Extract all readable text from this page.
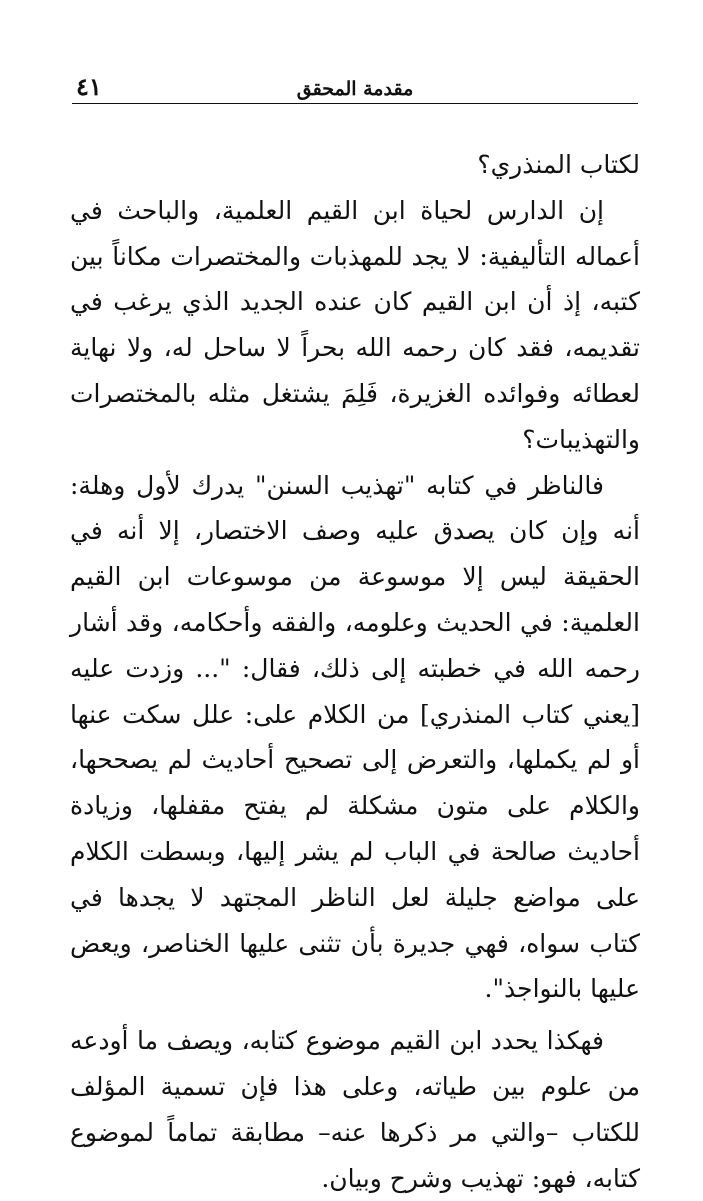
مقدمة المحقق
٤١

لكتاب المنذري؟

إن الدارس لحياة ابن القيم العلمية، والباحث في أعماله التأليفية: لا يجد للمهذبات والمختصرات مكاناً بين كتبه، إذ أن ابن القيم كان عنده الجديد الذي يرغب في تقديمه، فقد كان رحمه الله بحراً لا ساحل له، ولا نهاية لعطائه وفوائده الغزيرة، فَلِمَ يشتغل مثله بالمختصرات والتهذيبات؟

فالناظر في كتابه "تهذيب السنن" يدرك لأول وهلة: أنه وإن كان يصدق عليه وصف الاختصار، إلا أنه في الحقيقة ليس إلا موسوعة من موسوعات ابن القيم العلمية: في الحديث وعلومه، والفقه وأحكامه، وقد أشار رحمه الله في خطبته إلى ذلك، فقال: "... وزدت عليه [يعني كتاب المنذري] من الكلام على: علل سكت عنها أو لم يكملها، والتعرض إلى تصحيح أحاديث لم يصححها، والكلام على متون مشكلة لم يفتح مقفلها، وزيادة أحاديث صالحة في الباب لم يشر إليها، وبسطت الكلام على مواضع جليلة لعل الناظر المجتهد لا يجدها في كتاب سواه، فهي جديرة بأن تثنى عليها الخناصر، ويعض عليها بالنواجذ".

فهكذا يحدد ابن القيم موضوع كتابه، ويصف ما أودعه من علوم بين طياته، وعلى هذا فإن تسمية المؤلف للكتاب –والتي مر ذكرها عنه– مطابقة تماماً لموضوع كتابه، فهو: تهذيب وشرح وبيان.
